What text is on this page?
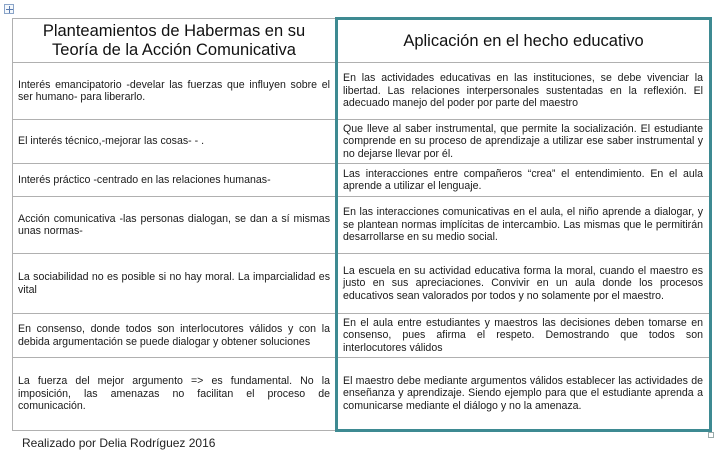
Planteamientos de Habermas en su Teoría de la Acción Comunicativa	Aplicación en el hecho educativo
Interés emancipatorio -develar las fuerzas que influyen sobre el ser humano- para liberarlo.	En las actividades educativas en las instituciones, se debe vivenciar la libertad. Las relaciones interpersonales sustentadas en la reflexión. El adecuado manejo del poder por parte del maestro
El interés técnico,-mejorar las cosas- - .	Que lleve al saber instrumental, que permite la socialización. El estudiante comprende en su proceso de aprendizaje a utilizar ese saber instrumental y no dejarse llevar por él.
Interés práctico -centrado en las relaciones humanas-	Las interacciones entre compañeros “crea” el entendimiento. En el aula aprende a utilizar el lenguaje.
Acción comunicativa -las personas dialogan, se dan a sí mismas unas normas-	En las interacciones comunicativas en el aula, el niño aprende a dialogar, y se plantean normas implícitas de intercambio. Las mismas que le permitirán desarrollarse en su medio social.
La sociabilidad no es posible si no hay moral. La imparcialidad es vital	La escuela en su actividad educativa forma la moral, cuando el maestro es justo en sus apreciaciones. Convivir en un aula donde los procesos educativos sean valorados por todos y no solamente por el maestro.
En consenso, donde todos son interlocutores válidos y con la debida argumentación se puede dialogar y obtener soluciones	En el aula entre estudiantes y maestros las decisiones deben tomarse en consenso, pues afirma el respeto. Demostrando que todos son interlocutores válidos
La fuerza del mejor argumento => es fundamental. No la imposición, las amenazas no facilitan el proceso de comunicación.	El maestro debe mediante argumentos válidos establecer las actividades de enseñanza y aprendizaje. Siendo ejemplo para que el estudiante aprenda a comunicarse mediante el diálogo y no la amenaza.
Realizado por Delia Rodríguez 2016
